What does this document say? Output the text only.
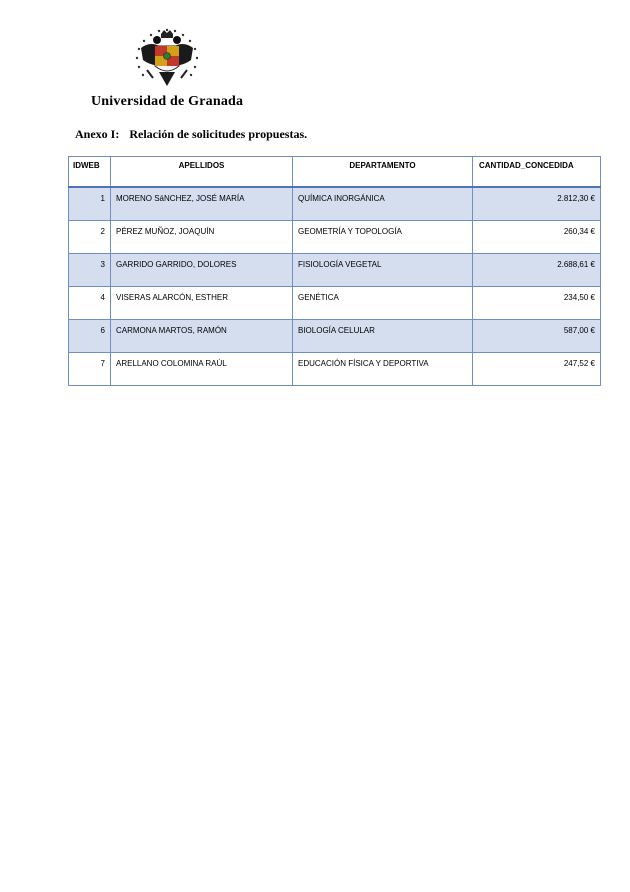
Universidad de Granada
Anexo I: Relación de solicitudes propuestas.
IDWEB	APELLIDOS	DEPARTAMENTO	CANTIDAD_CONCEDIDA
1	MORENO SáNCHEZ, JOSÉ MARÍA	QUÍMICA INORGÁNICA	2.812,30 €
2	PÉREZ MUÑOZ, JOAQUÍN	GEOMETRÍA Y TOPOLOGÍA	260,34 €
3	GARRIDO GARRIDO, DOLORES	FISIOLOGÍA VEGETAL	2.688,61 €
4	VISERAS ALARCÓN, ESTHER	GENÉTICA	234,50 €
6	CARMONA MARTOS, RAMÓN	BIOLOGÍA CELULAR	587,00 €
7	ARELLANO COLOMINA RAÚL	EDUCACIÓN FÍSICA Y DEPORTIVA	247,52 €
